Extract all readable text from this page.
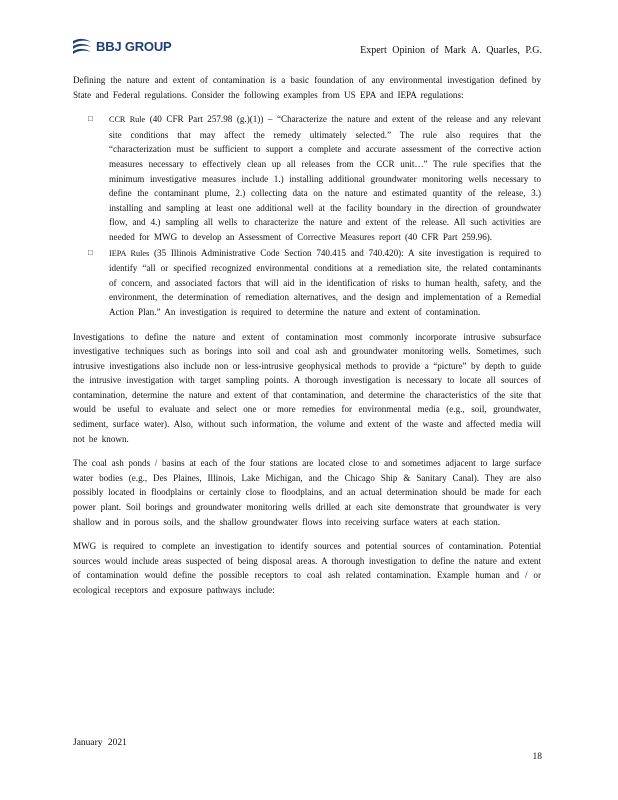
BBJ GROUP	Expert Opinion of Mark A. Quarles, P.G.

Defining the nature and extent of contamination is a basic foundation of any environmental investigation defined by State and Federal regulations. Consider the following examples from US EPA and IEPA regulations:

□ CCR Rule (40 CFR Part 257.98 (g.)(1)) – “Characterize the nature and extent of the release and any relevant site conditions that may affect the remedy ultimately selected.” The rule also requires that the “characterization must be sufficient to support a complete and accurate assessment of the corrective action measures necessary to effectively clean up all releases from the CCR unit…” The rule specifies that the minimum investigative measures include 1.) installing additional groundwater monitoring wells necessary to define the contaminant plume, 2.) collecting data on the nature and estimated quantity of the release, 3.) installing and sampling at least one additional well at the facility boundary in the direction of groundwater flow, and 4.) sampling all wells to characterize the nature and extent of the release. All such activities are needed for MWG to develop an Assessment of Corrective Measures report (40 CFR Part 259.96).
□ IEPA Rules (35 Illinois Administrative Code Section 740.415 and 740.420): A site investigation is required to identify “all or specified recognized environmental conditions at a remediation site, the related contaminants of concern, and associated factors that will aid in the identification of risks to human health, safety, and the environment, the determination of remediation alternatives, and the design and implementation of a Remedial Action Plan.” An investigation is required to determine the nature and extent of contamination.

Investigations to define the nature and extent of contamination most commonly incorporate intrusive subsurface investigative techniques such as borings into soil and coal ash and groundwater monitoring wells. Sometimes, such intrusive investigations also include non or less-intrusive geophysical methods to provide a “picture” by depth to guide the intrusive investigation with target sampling points. A thorough investigation is necessary to locate all sources of contamination, determine the nature and extent of that contamination, and determine the characteristics of the site that would be useful to evaluate and select one or more remedies for environmental media (e.g., soil, groundwater, sediment, surface water). Also, without such information, the volume and extent of the waste and affected media will not be known.

The coal ash ponds / basins at each of the four stations are located close to and sometimes adjacent to large surface water bodies (e.g., Des Plaines, Illinois, Lake Michigan, and the Chicago Ship & Sanitary Canal). They are also possibly located in floodplains or certainly close to floodplains, and an actual determination should be made for each power plant. Soil borings and groundwater monitoring wells drilled at each site demonstrate that groundwater is very shallow and in porous soils, and the shallow groundwater flows into receiving surface waters at each station.

MWG is required to complete an investigation to identify sources and potential sources of contamination. Potential sources would include areas suspected of being disposal areas. A thorough investigation to define the nature and extent of contamination would define the possible receptors to coal ash related contamination. Example human and / or ecological receptors and exposure pathways include:

January 2021
18
